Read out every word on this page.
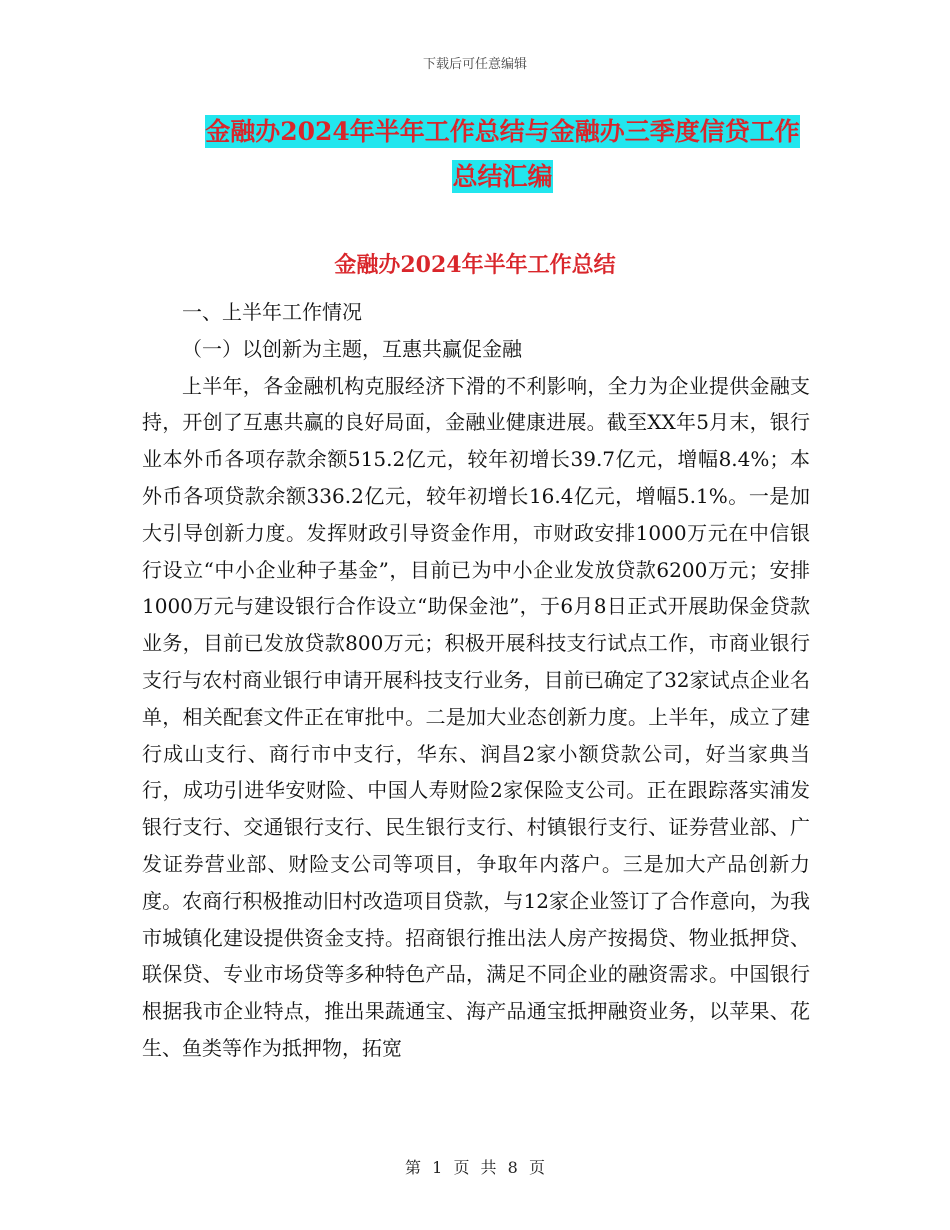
下载后可任意编辑
金融办2024年半年工作总结与金融办三季度信贷工作
总结汇编
金融办2024年半年工作总结

一、上半年工作情况

（一）以创新为主题，互惠共赢促金融

上半年，各金融机构克服经济下滑的不利影响，全力为企业提供金融支持，开创了互惠共赢的良好局面，金融业健康进展。截至XX年5月末，银行业本外币各项存款余额515.2亿元，较年初增长39.7亿元，增幅8.4%；本外币各项贷款余额336.2亿元，较年初增长16.4亿元，增幅5.1%。一是加大引导创新力度。发挥财政引导资金作用，市财政安排1000万元在中信银行设立“中小企业种子基金”，目前已为中小企业发放贷款6200万元；安排1000万元与建设银行合作设立“助保金池”，于6月8日正式开展助保金贷款业务，目前已发放贷款800万元；积极开展科技支行试点工作，市商业银行支行与农村商业银行申请开展科技支行业务，目前已确定了32家试点企业名单，相关配套文件正在审批中。二是加大业态创新力度。上半年，成立了建行成山支行、商行市中支行，华东、润昌2家小额贷款公司，好当家典当行，成功引进华安财险、中国人寿财险2家保险支公司。正在跟踪落实浦发银行支行、交通银行支行、民生银行支行、村镇银行支行、证券营业部、广发证券营业部、财险支公司等项目，争取年内落户。三是加大产品创新力度。农商行积极推动旧村改造项目贷款，与12家企业签订了合作意向，为我市城镇化建设提供资金支持。招商银行推出法人房产按揭贷、物业抵押贷、联保贷、专业市场贷等多种特色产品，满足不同企业的融资需求。中国银行根据我市企业特点，推出果蔬通宝、海产品通宝抵押融资业务，以苹果、花生、鱼类等作为抵押物，拓宽

第 1 页 共 8 页
